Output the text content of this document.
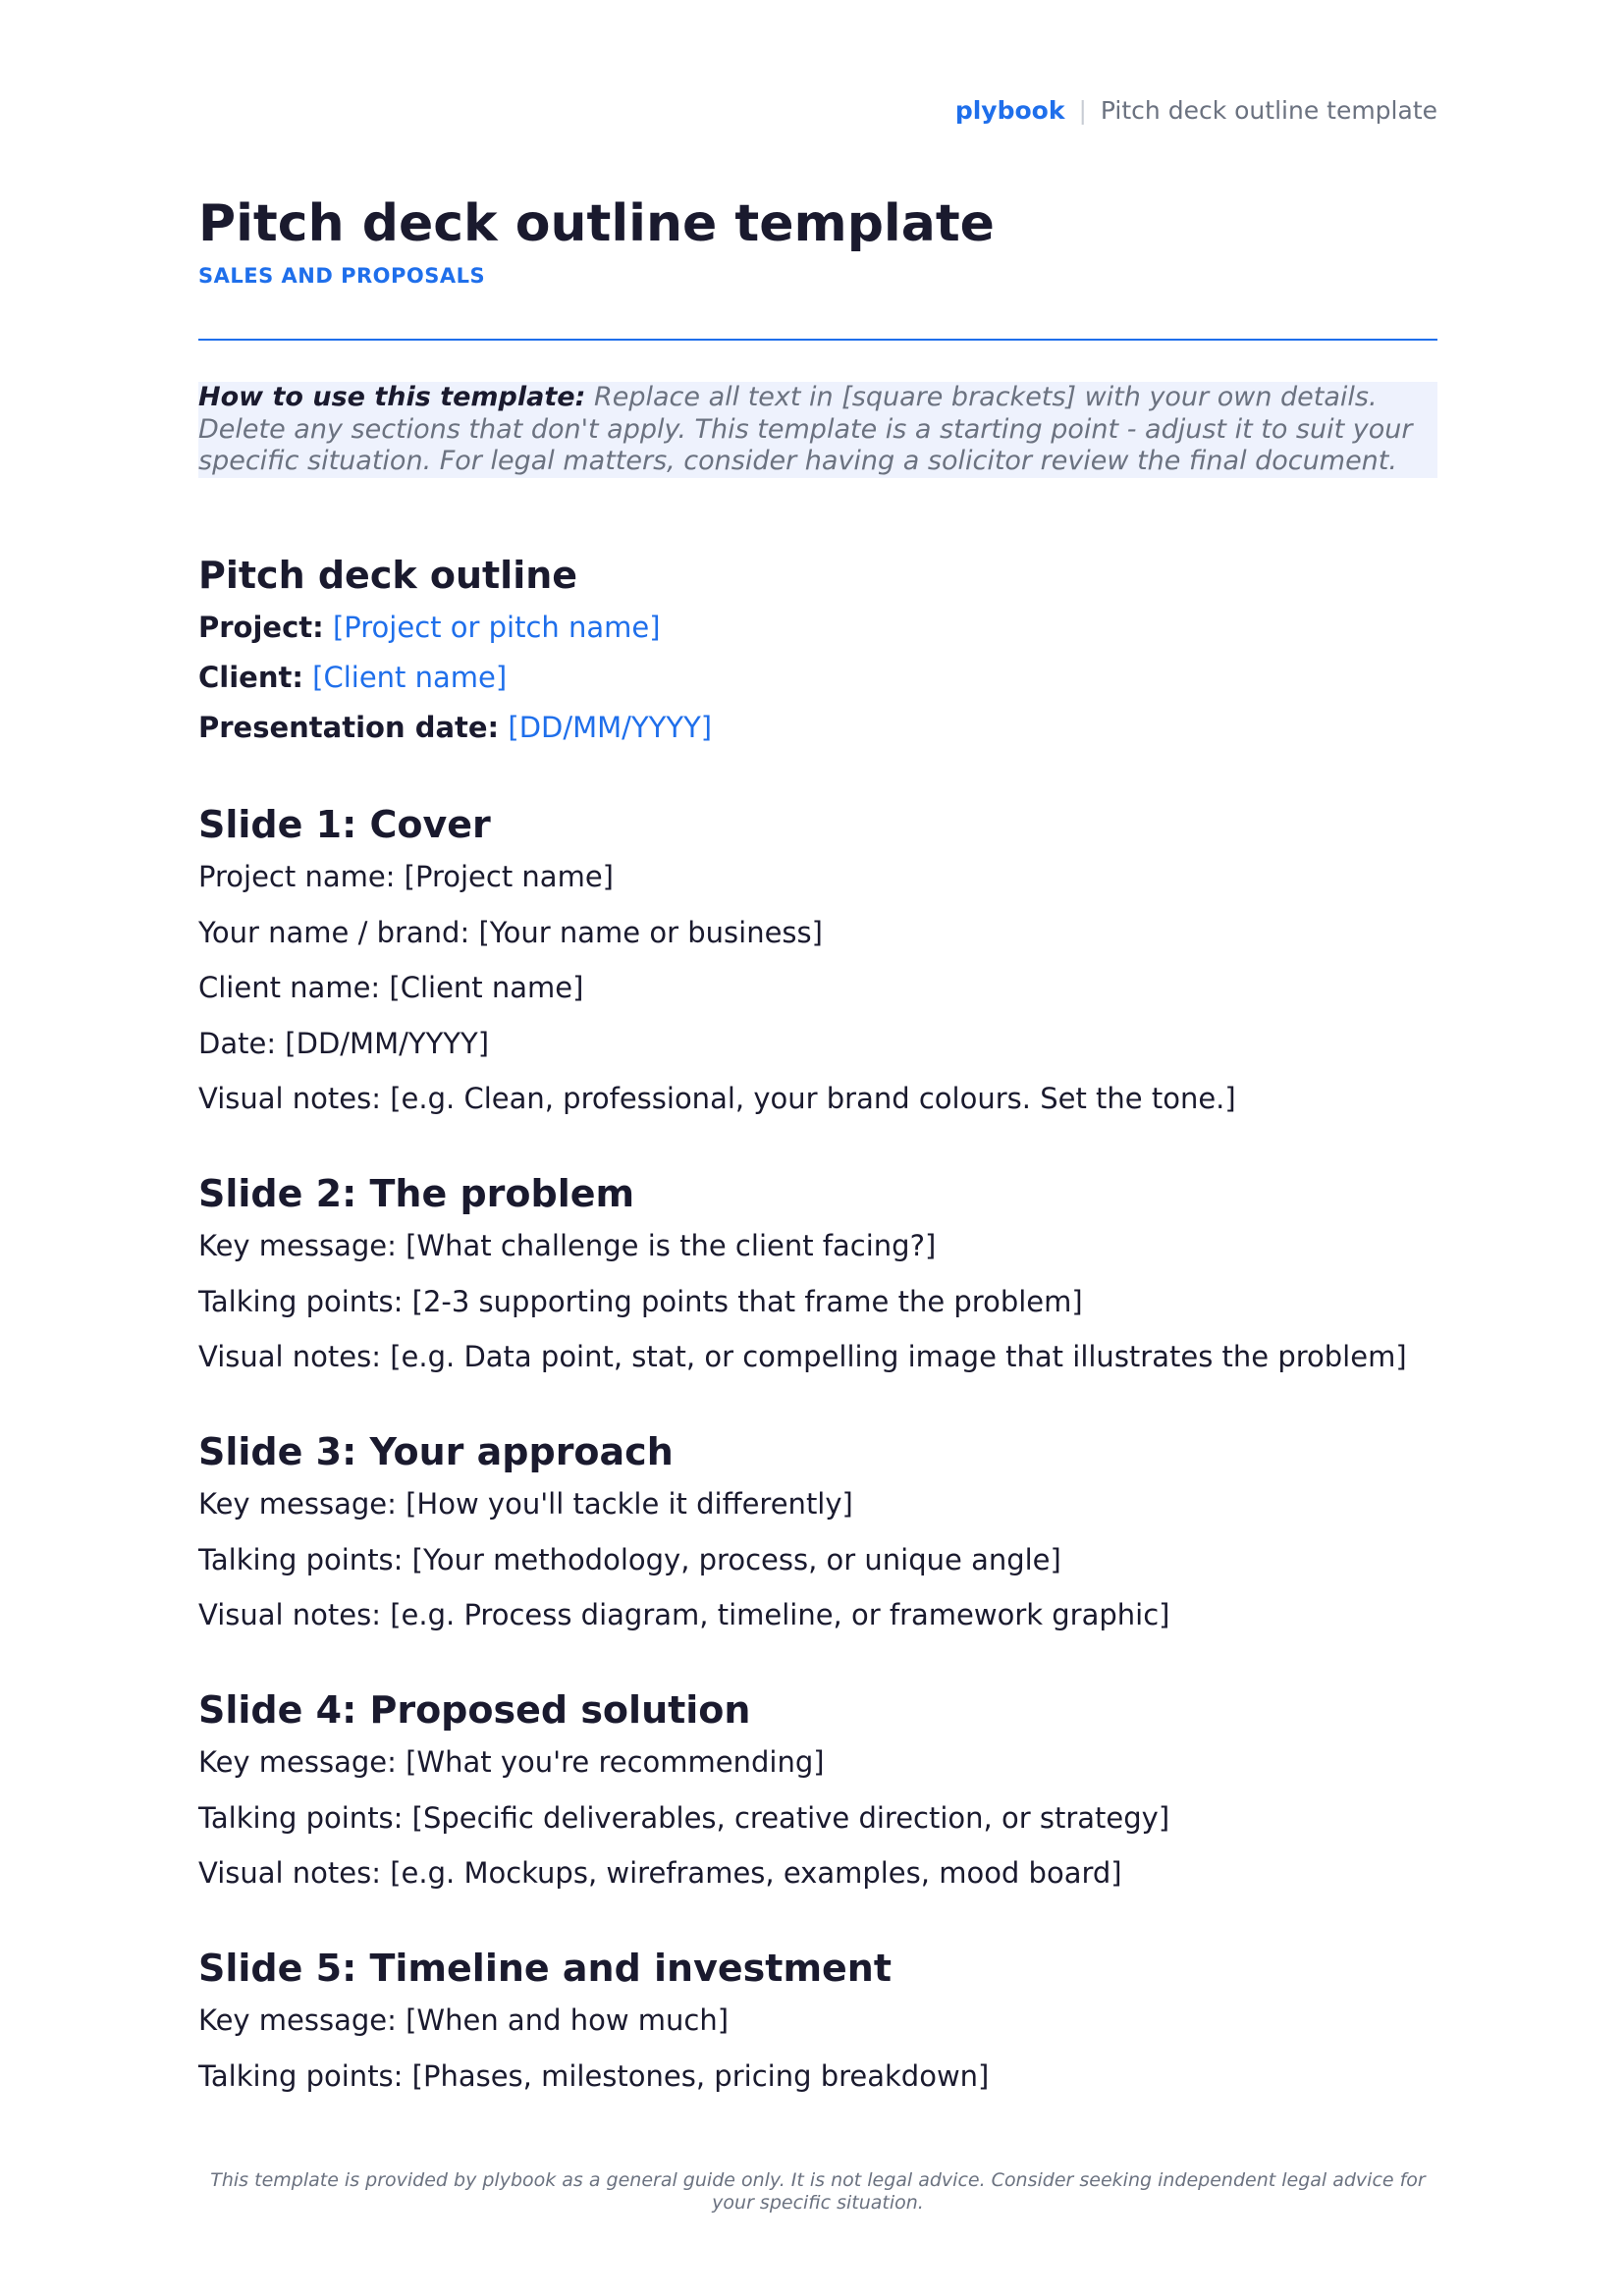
plybook | Pitch deck outline template
Pitch deck outline template
SALES AND PROPOSALS
How to use this template: Replace all text in [square brackets] with your own details. Delete any sections that don't apply. This template is a starting point - adjust it to suit your specific situation. For legal matters, consider having a solicitor review the final document.
Pitch deck outline
Project: [Project or pitch name]
Client: [Client name]
Presentation date: [DD/MM/YYYY]
Slide 1: Cover
Project name: [Project name]
Your name / brand: [Your name or business]
Client name: [Client name]
Date: [DD/MM/YYYY]
Visual notes: [e.g. Clean, professional, your brand colours. Set the tone.]
Slide 2: The problem
Key message: [What challenge is the client facing?]
Talking points: [2-3 supporting points that frame the problem]
Visual notes: [e.g. Data point, stat, or compelling image that illustrates the problem]
Slide 3: Your approach
Key message: [How you'll tackle it differently]
Talking points: [Your methodology, process, or unique angle]
Visual notes: [e.g. Process diagram, timeline, or framework graphic]
Slide 4: Proposed solution
Key message: [What you're recommending]
Talking points: [Specific deliverables, creative direction, or strategy]
Visual notes: [e.g. Mockups, wireframes, examples, mood board]
Slide 5: Timeline and investment
Key message: [When and how much]
Talking points: [Phases, milestones, pricing breakdown]
This template is provided by plybook as a general guide only. It is not legal advice. Consider seeking independent legal advice for your specific situation.
